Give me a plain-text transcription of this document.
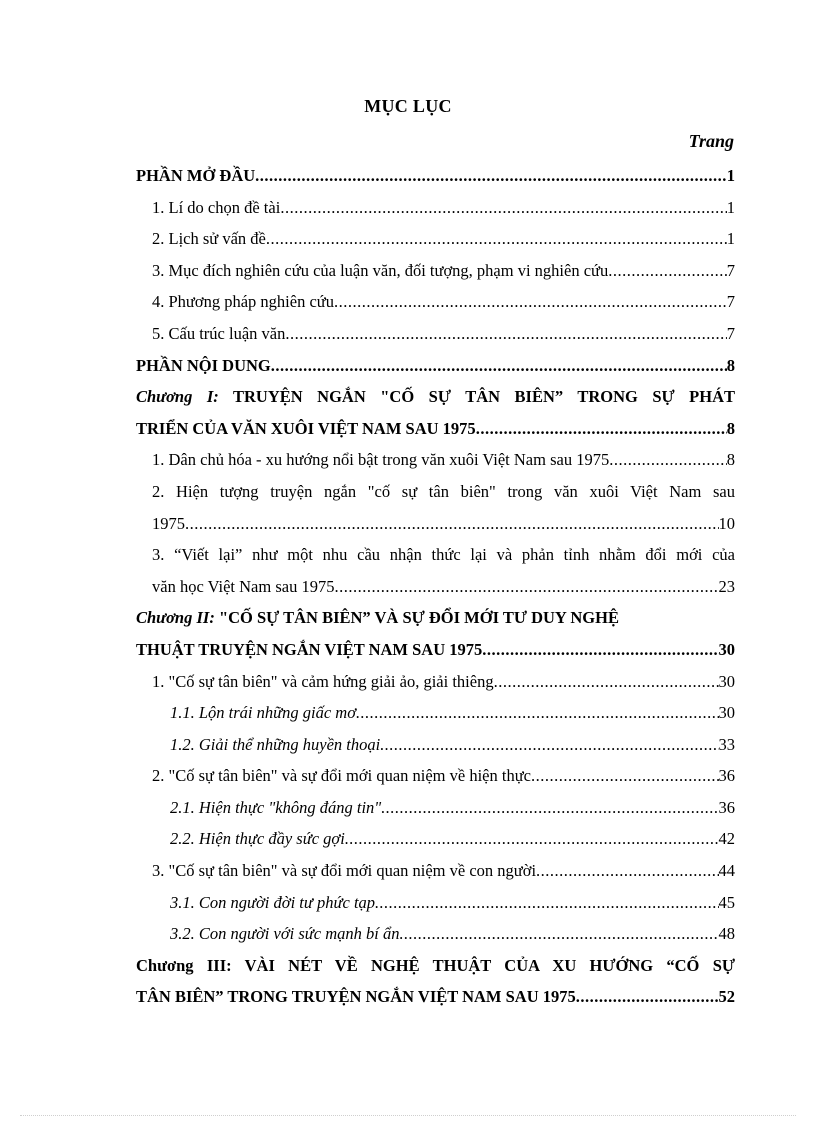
MỤC LỤC
Trang
PHẦN MỞ ĐẦU .....	1
1. Lí do chọn đề tài .....	1
2. Lịch sử vấn đề .....	1
3. Mục đích nghiên cứu của luận văn, đối tượng, phạm vi nghiên cứu .....	7
4. Phương pháp nghiên cứu .....	7
5. Cấu trúc luận văn .....	7
PHẦN NỘI DUNG .....	8
Chương I: TRUYỆN NGẮN "CỐ SỰ TÂN BIÊN” TRONG SỰ PHÁT
TRIỂN CỦA VĂN XUÔI VIỆT NAM SAU 1975 .....	8
1. Dân chủ hóa - xu hướng nổi bật trong văn xuôi Việt Nam sau 1975 .....	8
2. Hiện tượng truyện ngắn "cố sự tân biên" trong văn xuôi Việt Nam sau
1975 .....	10
3. “Viết lại” như một nhu cầu nhận thức lại và phản tỉnh nhằm đổi mới của
văn học Việt Nam sau 1975 .....	23
Chương II: "CỐ SỰ TÂN BIÊN” VÀ SỰ ĐỔI MỚI TƯ DUY NGHỆ
THUẬT TRUYỆN NGẮN VIỆT NAM SAU 1975 .....	30
1. "Cố sự tân biên" và cảm hứng giải ảo, giải thiêng .....	30
1.1. Lộn trái những giấc mơ .....	30
1.2. Giải thể những huyền thoại .....	33
2. "Cố sự tân biên" và sự đổi mới quan niệm về hiện thực .....	36
2.1. Hiện thực "không đáng tin" .....	36
2.2. Hiện thực đầy sức gợi .....	42
3. "Cố sự tân biên" và sự đổi mới quan niệm về con người .....	44
3.1. Con người đời tư phức tạp .....	45
3.2. Con người với sức mạnh bí ẩn .....	48
Chương III: VÀI NÉT VỀ NGHỆ THUẬT CỦA XU HƯỚNG “CỐ SỰ
TÂN BIÊN” TRONG TRUYỆN NGẮN VIỆT NAM SAU 1975 .....	52
